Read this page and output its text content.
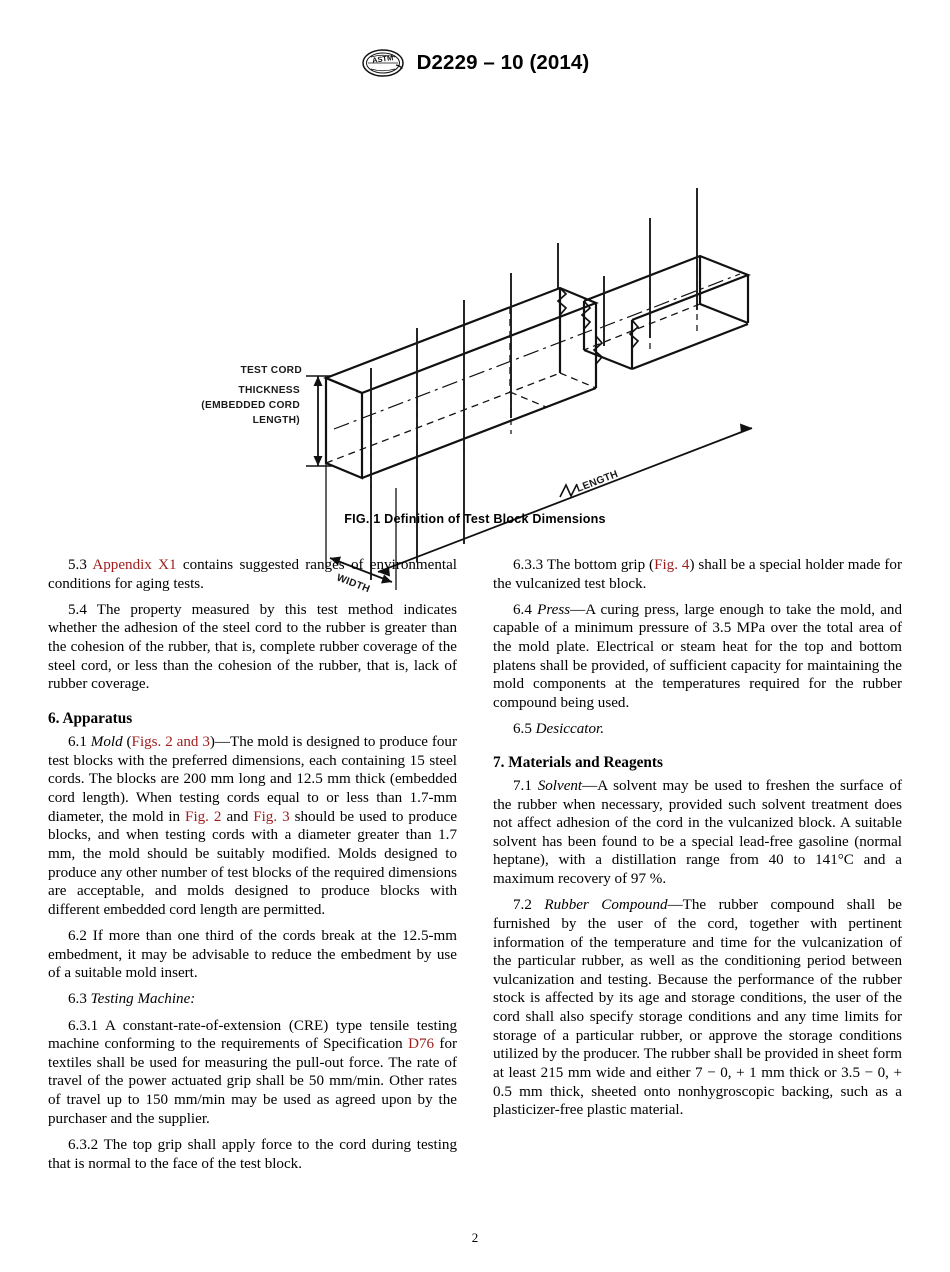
ASTM D2229 – 10 (2014)
TEST CORD
THICKNESS
(EMBEDDED CORD
LENGTH)
WIDTH
LENGTH
FIG. 1 Definition of Test Block Dimensions

5.3 Appendix X1 contains suggested ranges of environmental conditions for aging tests.

5.4 The property measured by this test method indicates whether the adhesion of the steel cord to the rubber is greater than the cohesion of the rubber, that is, complete rubber coverage of the steel cord, or less than the cohesion of the rubber, that is, lack of rubber coverage.

6. Apparatus

6.1 Mold (Figs. 2 and 3)—The mold is designed to produce four test blocks with the preferred dimensions, each containing 15 steel cords. The blocks are 200 mm long and 12.5 mm thick (embedded cord length). When testing cords equal to or less than 1.7-mm diameter, the mold in Fig. 2 and Fig. 3 should be used to produce blocks, and when testing cords with a diameter greater than 1.7 mm, the mold should be suitably modified. Molds designed to produce any other number of test blocks of the required dimensions are acceptable, and molds designed to produce blocks with different embedded cord length are permitted.

6.2 If more than one third of the cords break at the 12.5-mm embedment, it may be advisable to reduce the embedment by use of a suitable mold insert.

6.3 Testing Machine:

6.3.1 A constant-rate-of-extension (CRE) type tensile testing machine conforming to the requirements of Specification D76 for textiles shall be used for measuring the pull-out force. The rate of travel of the power actuated grip shall be 50 mm/min. Other rates of travel up to 150 mm/min may be used as agreed upon by the purchaser and the supplier.

6.3.2 The top grip shall apply force to the cord during testing that is normal to the face of the test block.

6.3.3 The bottom grip (Fig. 4) shall be a special holder made for the vulcanized test block.

6.4 Press—A curing press, large enough to take the mold, and capable of a minimum pressure of 3.5 MPa over the total area of the mold plate. Electrical or steam heat for the top and bottom platens shall be provided, of sufficient capacity for maintaining the mold components at the temperatures required for the rubber compound being used.

6.5 Desiccator.

7. Materials and Reagents

7.1 Solvent—A solvent may be used to freshen the surface of the rubber when necessary, provided such solvent treatment does not affect adhesion of the cord in the vulcanized block. A suitable solvent has been found to be a special lead-free gasoline (normal heptane), with a distillation range from 40 to 141°C and a maximum recovery of 97 %.

7.2 Rubber Compound—The rubber compound shall be furnished by the user of the cord, together with pertinent information of the temperature and time for the vulcanization of the particular rubber, as well as the conditioning period between vulcanization and testing. Because the performance of the rubber stock is affected by its age and storage conditions, the user of the cord shall also specify storage conditions and any time limits for storage of a particular rubber, or approve the storage conditions utilized by the producer. The rubber shall be provided in sheet form at least 215 mm wide and either 7 − 0, + 1 mm thick or 3.5 − 0, + 0.5 mm thick, sheeted onto nonhygroscopic backing, such as a plasticizer-free plastic material.

2
